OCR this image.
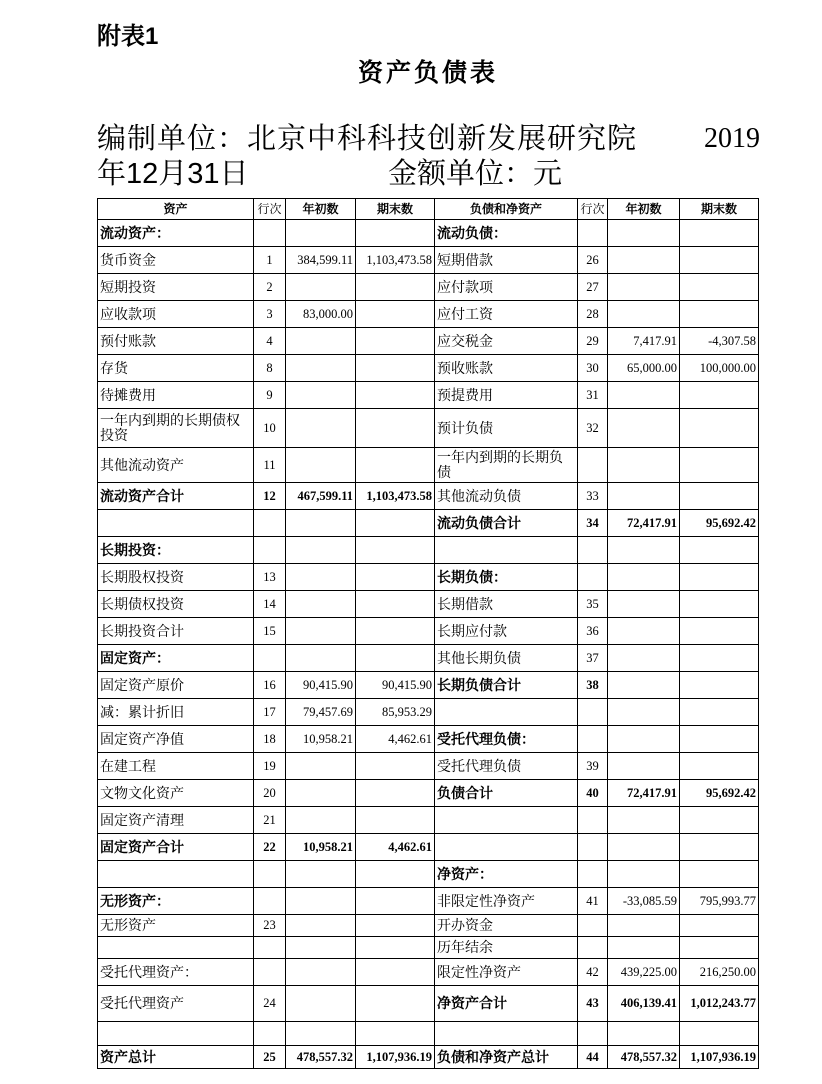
附表1
资产负债表
编制单位：北京中科科技创新发展研究院 2019
年12月31日	金额单位：元
资产	行次	年初数	期末数	负债和净资产	行次	年初数	期末数
流动资产：				流动负债：			
货币资金	1	384,599.11	1,103,473.58	短期借款	26		
短期投资	2			应付款项	27		
应收款项	3	83,000.00		应付工资	28		
预付账款	4			应交税金	29	7,417.91	-4,307.58
存货	8			预收账款	30	65,000.00	100,000.00
待摊费用	9			预提费用	31		
一年内到期的长期债权投资	10			预计负债	32		
其他流动资产	11			一年内到期的长期负债			
流动资产合计	12	467,599.11	1,103,473.58	其他流动负债	33		
				流动负债合计	34	72,417.91	95,692.42
长期投资：							
长期股权投资	13			长期负债：			
长期债权投资	14			长期借款	35		
长期投资合计	15			长期应付款	36		
固定资产：				其他长期负债	37		
固定资产原价	16	90,415.90	90,415.90	长期负债合计	38		
减：累计折旧	17	79,457.69	85,953.29				
固定资产净值	18	10,958.21	4,462.61	受托代理负债：			
在建工程	19			受托代理负债	39		
文物文化资产	20			负债合计	40	72,417.91	95,692.42
固定资产清理	21						
固定资产合计	22	10,958.21	4,462.61				
				净资产：			
无形资产：				非限定性净资产	41	-33,085.59	795,993.77
无形资产	23			开办资金			
				历年结余			
受托代理资产：				限定性净资产	42	439,225.00	216,250.00
受托代理资产	24			净资产合计	43	406,139.41	1,012,243.77

资产总计	25	478,557.32	1,107,936.19	负债和净资产总计	44	478,557.32	1,107,936.19
